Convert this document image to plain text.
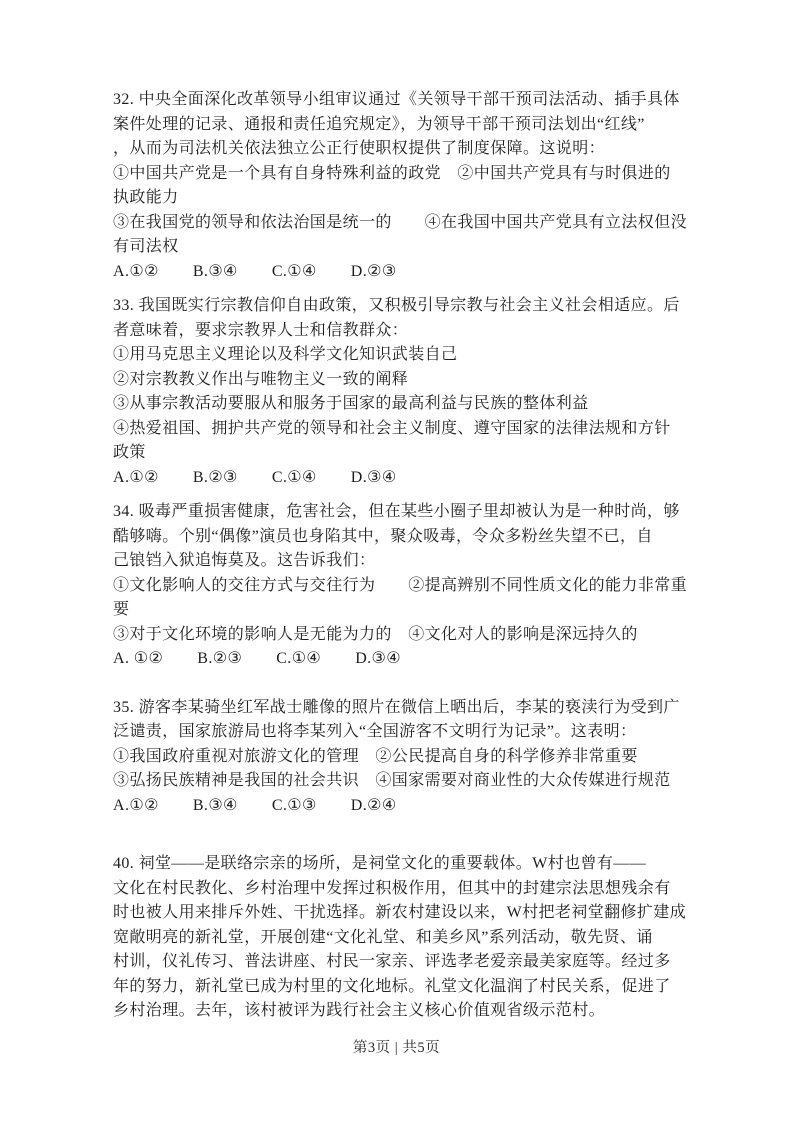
32. 中央全面深化改革领导小组审议通过《关领导干部干预司法活动、插手具体

案件处理的记录、通报和责任追究规定》，为领导干部干预司法划出“红线”

，从而为司法机关依法独立公正行使职权提供了制度保障。这说明：

①中国共产党是一个具有自身特殊利益的政党　②中国共产党具有与时俱进的

执政能力

③在我国党的领导和依法治国是统一的　　④在我国中国共产党具有立法权但没

有司法权

A.①② B.③④ C.①④ D.②③

33. 我国既实行宗教信仰自由政策，又积极引导宗教与社会主义社会相适应。后

者意味着，要求宗教界人士和信教群众：

①用马克思主义理论以及科学文化知识武装自己

②对宗教教义作出与唯物主义一致的阐释

③从事宗教活动要服从和服务于国家的最高利益与民族的整体利益

④热爱祖国、拥护共产党的领导和社会主义制度、遵守国家的法律法规和方针

政策

A.①② B.②③ C.①④ D.③④

34. 吸毒严重损害健康，危害社会，但在某些小圈子里却被认为是一种时尚，够

酷够嗨。个别“偶像”演员也身陷其中，聚众吸毒，令众多粉丝失望不已，自

己锒铛入狱追悔莫及。这告诉我们：

①文化影响人的交往方式与交往行为　　②提高辨别不同性质文化的能力非常重

要

③对于文化环境的影响人是无能为力的　④文化对人的影响是深远持久的

A. ①② B.②③ C.①④ D.③④

35. 游客李某骑坐红军战士雕像的照片在微信上晒出后，李某的亵渎行为受到广

泛谴责，国家旅游局也将李某列入“全国游客不文明行为记录”。这表明：

①我国政府重视对旅游文化的管理　②公民提高自身的科学修养非常重要

③弘扬民族精神是我国的社会共识　④国家需要对商业性的大众传媒进行规范

A.①② B.③④ C.①③ D.②④

40. 祠堂——是联络宗亲的场所，是祠堂文化的重要载体。W村也曾有——

文化在村民教化、乡村治理中发挥过积极作用，但其中的封建宗法思想残余有

时也被人用来排斥外姓、干扰选择。新农村建设以来，W村把老祠堂翻修扩建成

宽敞明亮的新礼堂，开展创建“文化礼堂、和美乡风”系列活动，敬先贤、诵

村训，仪礼传习、普法讲座、村民一家亲、评选孝老爱亲最美家庭等。经过多

年的努力，新礼堂已成为村里的文化地标。礼堂文化温润了村民关系，促进了

乡村治理。去年，该村被评为践行社会主义核心价值观省级示范村。

第3页 | 共5页
